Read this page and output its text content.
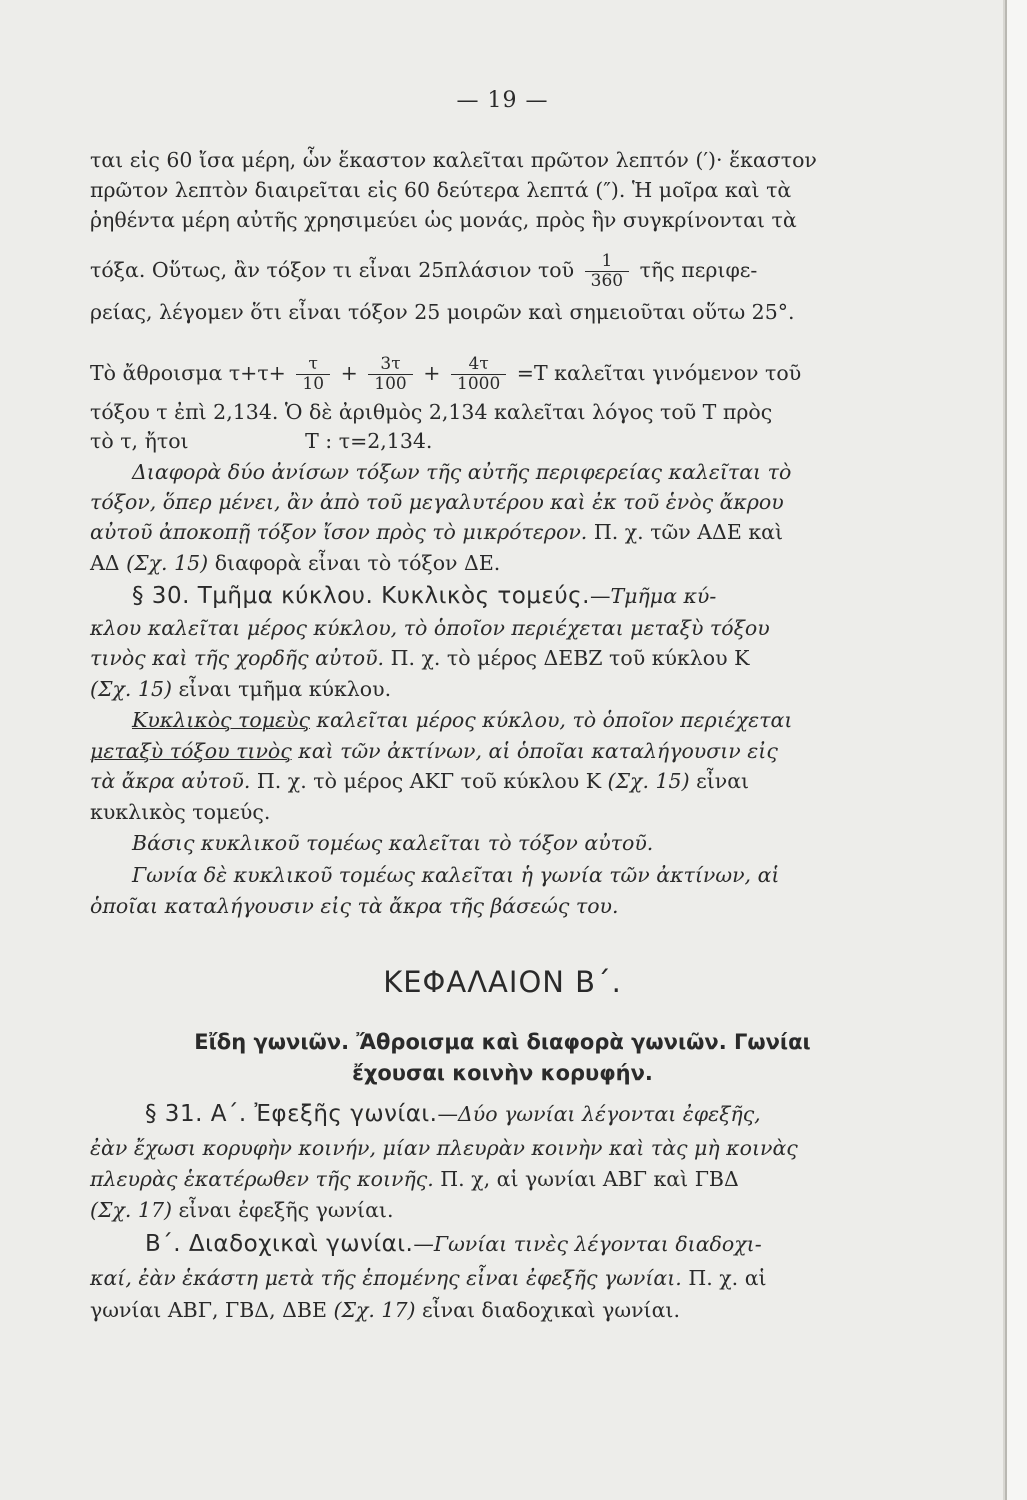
— 19 —
ται εἰς 60 ἴσα μέρη, ὧν ἕκαστον καλεῖται πρῶτον λεπτόν (′)· ἕκαστον
πρῶτον λεπτὸν διαιρεῖται εἰς 60 δεύτερα λεπτά (″). Ἡ μοῖρα καὶ τὰ
ῥηθέντα μέρη αὐτῆς χρησιμεύει ὡς μονάς, πρὸς ἣν συγκρίνονται τὰ
τόξα. Οὕτως, ἂν τόξον τι εἶναι 25πλάσιον τοῦ $\frac{1}{360}$ τῆς περιφε-
ρείας, λέγομεν ὅτι εἶναι τόξον 25 μοιρῶν καὶ σημειοῦται οὕτω 25°.
Τὸ ἄθροισμα $\tau+\tau+ \frac{\tau}{10} + \frac{3\tau}{100} + \frac{4\tau}{1000} =T$ καλεῖται γινόμενον τοῦ
τόξου τ ἐπὶ 2,134. Ὁ δὲ ἀριθμὸς 2,134 καλεῖται λόγος τοῦ Τ πρὸς
τὸ τ, ἤτοι	Τ : τ=2,134.
Διαφορὰ δύο ἀνίσων τόξων τῆς αὐτῆς περιφερείας καλεῖται τὸ
τόξον, ὅπερ μένει, ἂν ἀπὸ τοῦ μεγαλυτέρου καὶ ἐκ τοῦ ἑνὸς ἄκρου
αὐτοῦ ἀποκοπῇ τόξον ἴσον πρὸς τὸ μικρότερον. Π. χ. τῶν ΑΔΕ καὶ
ΑΔ (Σχ. 15) διαφορὰ εἶναι τὸ τόξον ΔΕ.
§ 30. Τμῆμα κύκλου. Κυκλικὸς τομεύς.—Τμῆμα κύ-
κλου καλεῖται μέρος κύκλου, τὸ ὁποῖον περιέχεται μεταξὺ τόξου
τινὸς καὶ τῆς χορδῆς αὐτοῦ. Π. χ. τὸ μέρος ΔΕΒΖ τοῦ κύκλου Κ
(Σχ. 15) εἶναι τμῆμα κύκλου.
Κυκλικὸς τομεὺς καλεῖται μέρος κύκλου, τὸ ὁποῖον περιέχεται
μεταξὺ τόξου τινὸς καὶ τῶν ἀκτίνων, αἱ ὁποῖαι καταλήγουσιν εἰς
τὰ ἄκρα αὐτοῦ. Π. χ. τὸ μέρος ΑΚΓ τοῦ κύκλου Κ (Σχ. 15) εἶναι
κυκλικὸς τομεύς.
Βάσις κυκλικοῦ τομέως καλεῖται τὸ τόξον αὐτοῦ.
Γωνία δὲ κυκλικοῦ τομέως καλεῖται ἡ γωνία τῶν ἀκτίνων, αἱ
ὁποῖαι καταλήγουσιν εἰς τὰ ἄκρα τῆς βάσεώς του.
ΚΕΦΑΛΑΙΟΝ Β΄.
Εἴδη γωνιῶν. Ἄθροισμα καὶ διαφορὰ γωνιῶν. Γωνίαι
ἔχουσαι κοινὴν κορυφήν.
§ 31. Α΄. Ἐφεξῆς γωνίαι.—Δύο γωνίαι λέγονται ἐφεξῆς,
ἐὰν ἔχωσι κορυφὴν κοινήν, μίαν πλευρὰν κοινὴν καὶ τὰς μὴ κοινὰς
πλευρὰς ἑκατέρωθεν τῆς κοινῆς. Π. χ, αἱ γωνίαι ΑΒΓ καὶ ΓΒΔ
(Σχ. 17) εἶναι ἐφεξῆς γωνίαι.
Β΄. Διαδοχικαὶ γωνίαι.—Γωνίαι τινὲς λέγονται διαδοχι-
καί, ἐὰν ἑκάστη μετὰ τῆς ἑπομένης εἶναι ἐφεξῆς γωνίαι. Π. χ. αἱ
γωνίαι ΑΒΓ, ΓΒΔ, ΔΒΕ (Σχ. 17) εἶναι διαδοχικαὶ γωνίαι.
